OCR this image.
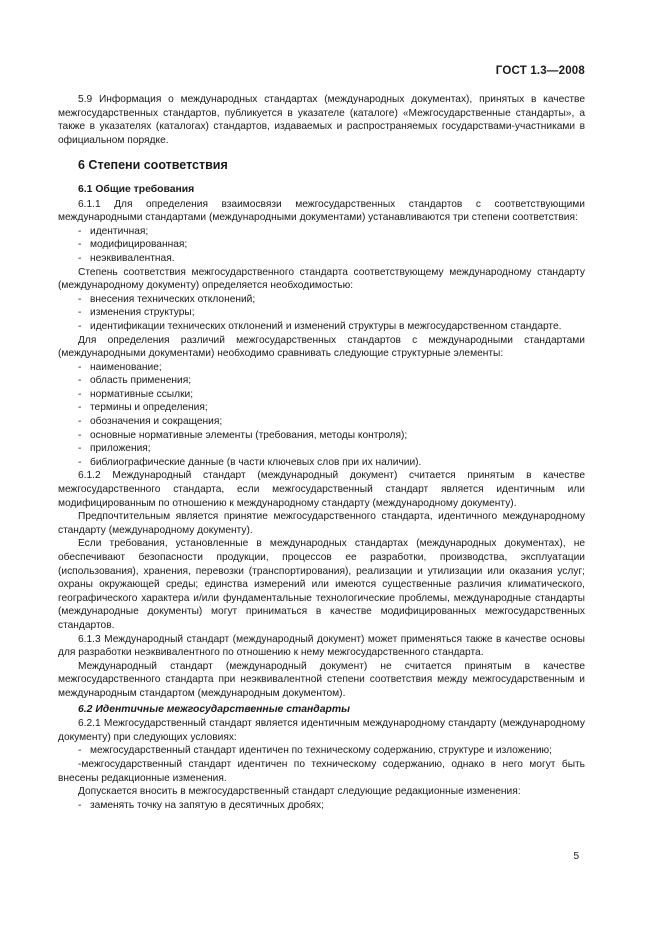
ГОСТ 1.3—2008

5.9 Информация о международных стандартах (международных документах), принятых в качестве межгосударственных стандартов, публикуется в указателе (каталоге) «Межгосударственные стандарты», а также в указателях (каталогах) стандартов, издаваемых и распространяемых государствами-участниками в официальном порядке.

6 Степени соответствия
6.1 Общие требования

6.1.1 Для определения взаимосвязи межгосударственных стандартов с соответствующими международными стандартами (международными документами) устанавливаются три степени соответствия:

- идентичная;
- модифицированная;
- неэквивалентная.

Степень соответствия межгосударственного стандарта соответствующему международному стандарту (международному документу) определяется необходимостью:

- внесения технических отклонений;
- изменения структуры;
- идентификации технических отклонений и изменений структуры в межгосударственном стандарте.

Для определения различий межгосударственных стандартов с международными стандартами (международными документами) необходимо сравнивать следующие структурные элементы:

- наименование;
- область применения;
- нормативные ссылки;
- термины и определения;
- обозначения и сокращения;
- основные нормативные элементы (требования, методы контроля);
- приложения;
- библиографические данные (в части ключевых слов при их наличии).

6.1.2 Международный стандарт (международный документ) считается принятым в качестве межгосударственного стандарта, если межгосударственный стандарт является идентичным или модифицированным по отношению к международному стандарту (международному документу).

Предпочтительным является принятие межгосударственного стандарта, идентичного международному стандарту (международному документу).

Если требования, установленные в международных стандартах (международных документах), не обеспечивают безопасности продукции, процессов ее разработки, производства, эксплуатации (использования), хранения, перевозки (транспортирования), реализации и утилизации или оказания услуг; охраны окружающей среды; единства измерений или имеются существенные различия климатического, географического характера и/или фундаментальные технологические проблемы, международные стандарты (международные документы) могут приниматься в качестве модифицированных межгосударственных стандартов.

6.1.3 Международный стандарт (международный документ) может применяться также в качестве основы для разработки неэквивалентного по отношению к нему межгосударственного стандарта.

Международный стандарт (международный документ) не считается принятым в качестве межгосударственного стандарта при неэквивалентной степени соответствия между межгосударственным и международным стандартом (международным документом).

6.2 Идентичные межгосударственные стандарты

6.2.1 Межгосударственный стандарт является идентичным международному стандарту (международному документу) при следующих условиях:

- межгосударственный стандарт идентичен по техническому содержанию, структуре и изложению;

-межгосударственный стандарт идентичен по техническому содержанию, однако в него могут быть внесены редакционные изменения.

Допускается вносить в межгосударственный стандарт следующие редакционные изменения:

- заменять точку на запятую в десятичных дробях;
5
